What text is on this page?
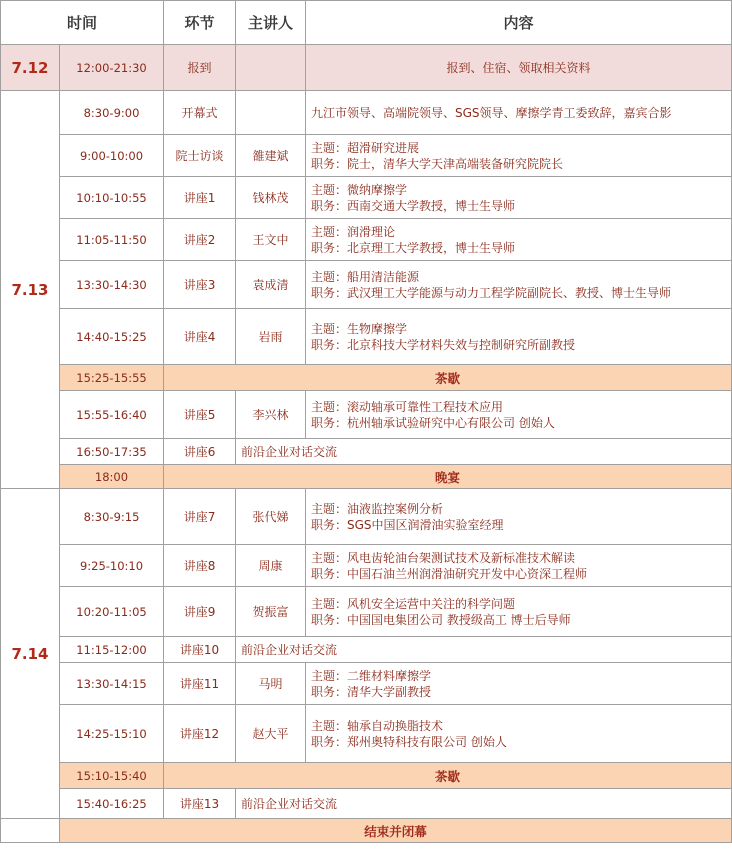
时间		环节	主讲人	内容
7.12	12:00-21:30	报到		报到、住宿、领取相关资料
7.13	8:30-9:00	开幕式		九江市领导、高端院领导、SGS领导、摩擦学青工委致辞，嘉宾合影

	9:00-10:00	院士访谈	雒建斌	主题：超滑研究进展
职务：院士，清华大学天津高端装备研究院院长

	10:10-10:55	讲座1	钱林茂	主题：微纳摩擦学
职务：西南交通大学教授，博士生导师

	11:05-11:50	讲座2	王文中	主题：润滑理论
职务：北京理工大学教授，博士生导师

	13:30-14:30	讲座3	袁成清	主题：船用清洁能源
职务：武汉理工大学能源与动力工程学院副院长、教授、博士生导师

	14:40-15:25	讲座4	岩雨	主题：生物摩擦学
职务：北京科技大学材料失效与控制研究所副教授

	15:25-15:55	茶歇		
	15:55-16:40	讲座5	李兴林	主题：滚动轴承可靠性工程技术应用
职务：杭州轴承试验研究中心有限公司 创始人

	16:50-17:35	讲座6	前沿企业对话交流	
	18:00	晚宴		
7.14	8:30-9:15	讲座7	张代娣	主题：油液监控案例分析
职务：SGS中国区润滑油实验室经理

	9:25-10:10	讲座8	周康	主题：风电齿轮油台架测试技术及新标准技术解读
职务：中国石油兰州润滑油研究开发中心资深工程师

	10:20-11:05	讲座9	贺振富	主题：风机安全运营中关注的科学问题
职务：中国国电集团公司 教授级高工 博士后导师

	11:15-12:00	讲座10	前沿企业对话交流	
	13:30-14:15	讲座11	马明	主题：二维材料摩擦学
职务：清华大学副教授

	14:25-15:10	讲座12	赵大平	主题：轴承自动换脂技术
职务：郑州奥特科技有限公司 创始人

	15:10-15:40	茶歇		
	15:40-16:25	讲座13	前沿企业对话交流	
	结束并闭幕			
